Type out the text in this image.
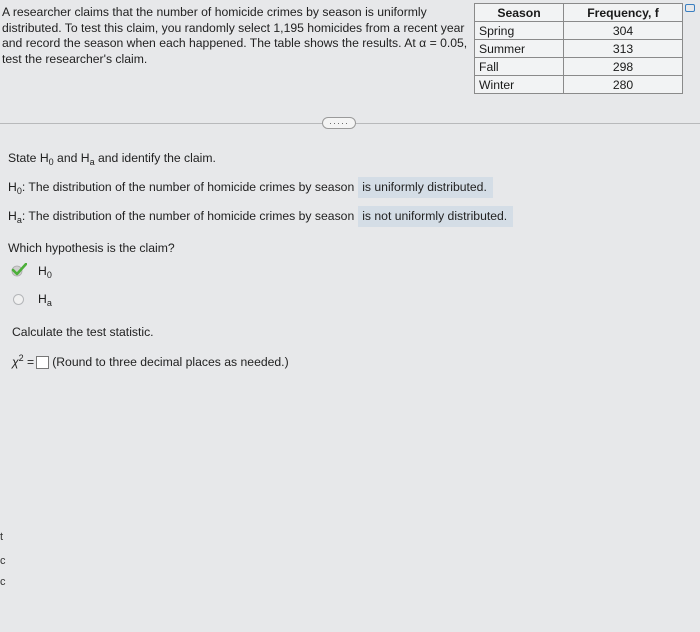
A researcher claims that the number of homicide crimes by season is uniformly distributed. To test this claim, you randomly select 1,195 homicides from a recent year and record the season when each happened. The table shows the results. At α = 0.05, test the researcher's claim.
Season	Frequency, f
Spring	304
Summer	313
Fall	298
Winter	280
·····
State $H_0$ and $H_a$ and identify the claim.
$H_0$: The distribution of the number of homicide crimes by season is uniformly distributed.
$H_a$: The distribution of the number of homicide crimes by season is not uniformly distributed.
Which hypothesis is the claim?
$H_0$
$H_a$
Calculate the test statistic.
$\chi^2$ = (Round to three decimal places as needed.)
t
c
c
